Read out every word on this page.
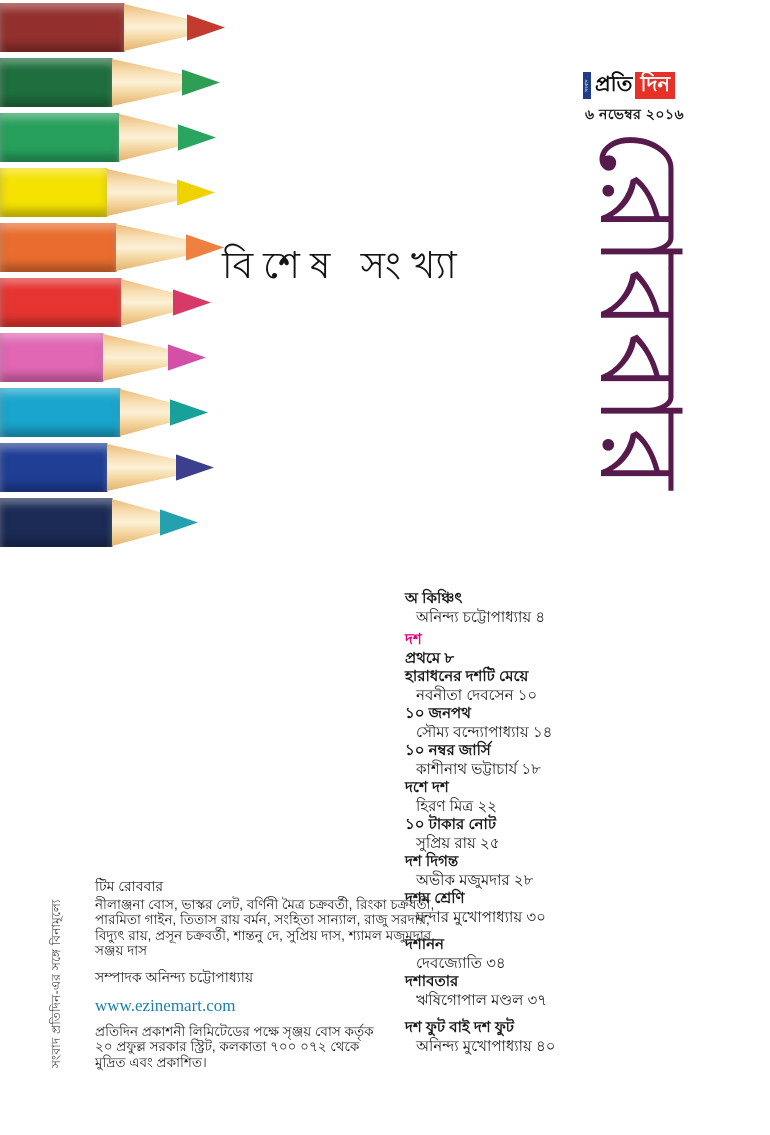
সংবাদ প্রতিদিন-এর সঙ্গে বিনামূল্যে
সংবাদ প্রতি দিন
৬ নভেম্বর ২০১৬
রোববার
বিশেষ সংখ্যা
অ কিঞ্চিৎ
অনিন্দ্য চট্টোপাধ্যায় ৪
দশ
প্রথমে ৮
হারাধনের দশটি মেয়ে
নবনীতা দেবসেন ১০
১০ জনপথ
সৌম্য বন্দ্যোপাধ্যায় ১৪
১০ নম্বর জার্সি
কাশীনাথ ভট্টাচার্য ১৮
দশে দশ
হিরণ মিত্র ২২
১০ টাকার নোট
সুপ্রিয় রায় ২৫
দশ দিগন্ত
অভীক মজুমদার ২৮
দশম শ্রেণি
মন্দার মুখোপাধ্যায় ৩০
দশানন
দেবজ্যোতি ৩৪
দশাবতার
ঋষিগোপাল মণ্ডল ৩৭
দশ ফুট বাই দশ ফুট
অনিন্দ্য মুখোপাধ্যায় ৪০
টিম রোববার
নীলাঞ্জনা বোস, ভাস্কর লেট, বর্ণিনী মৈত্র চক্রবর্তী, রিংকা চক্রবর্তী,
পারমিতা গাইন, তিতাস রায় বর্মন, সংহিতা সান্যাল, রাজু সরদার,
বিদ্যুৎ রায়, প্রসূন চক্রবর্তী, শান্তনু দে, সুপ্রিয় দাস, শ্যামল মজুমদার,
সঞ্জয় দাস
সম্পাদক অনিন্দ্য চট্টোপাধ্যায়
www.ezinemart.com
প্রতিদিন প্রকাশনী লিমিটেডের পক্ষে সৃঞ্জয় বোস কর্তৃক
২০ প্রফুল্ল সরকার স্ট্রিট, কলকাতা ৭০০ ০৭২ থেকে
মুদ্রিত এবং প্রকাশিত।
